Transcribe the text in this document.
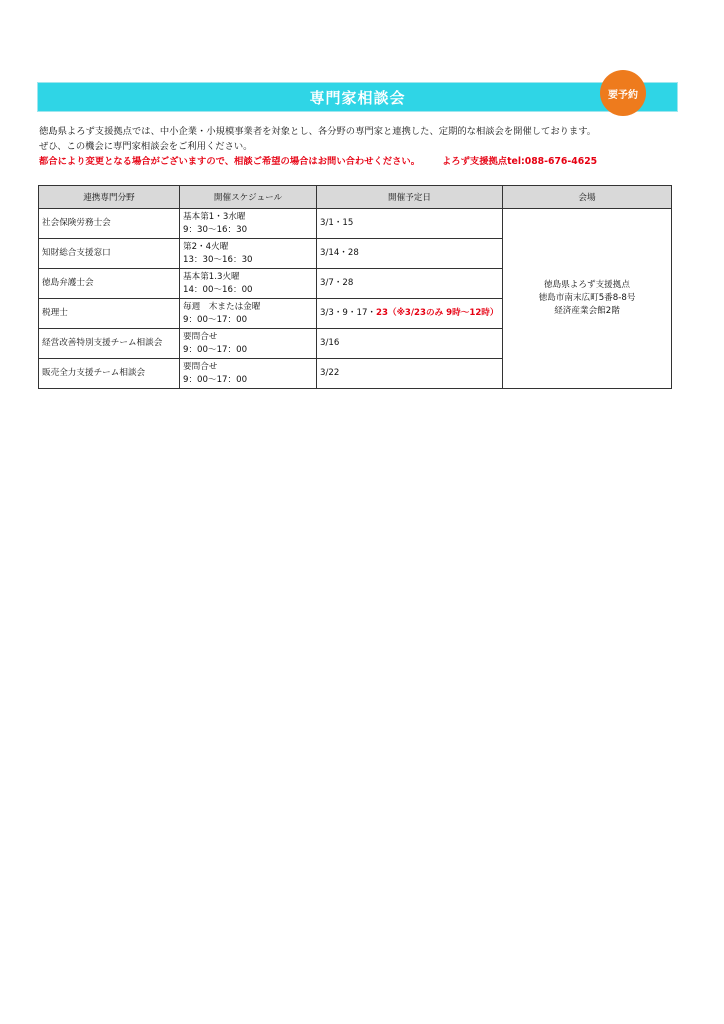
専門家相談会	要予約
徳島県よろず支援拠点では、中小企業・小規模事業者を対象とし、各分野の専門家と連携した、定期的な相談会を開催しております。
ぜひ、この機会に専門家相談会をご利用ください。
都合により変更となる場合がございますので、相談ご希望の場合はお問い合わせください。 よろず支援拠点tel:088-676-4625
連携専門分野	開催スケジュール	開催予定日	会場
社会保険労務士会	基本第1・3水曜
9：30〜16：30	3/1・15	徳島県よろず支援拠点
徳島市南末広町5番8-8号
経済産業会館2階

知財総合支援窓口	第2・4火曜
13：30〜16：30	3/14・28	
徳島弁護士会	基本第1.3火曜
14：00〜16：00	3/7・28	
税理士	毎週　木または金曜
9：00〜17：00	3/3・9・17・23（※3/23のみ 9時〜12時）	
経営改善特別支援チーム相談会	要問合せ
9：00〜17：00	3/16	
販売全力支援チーム相談会	要問合せ
9：00〜17：00	3/22	
